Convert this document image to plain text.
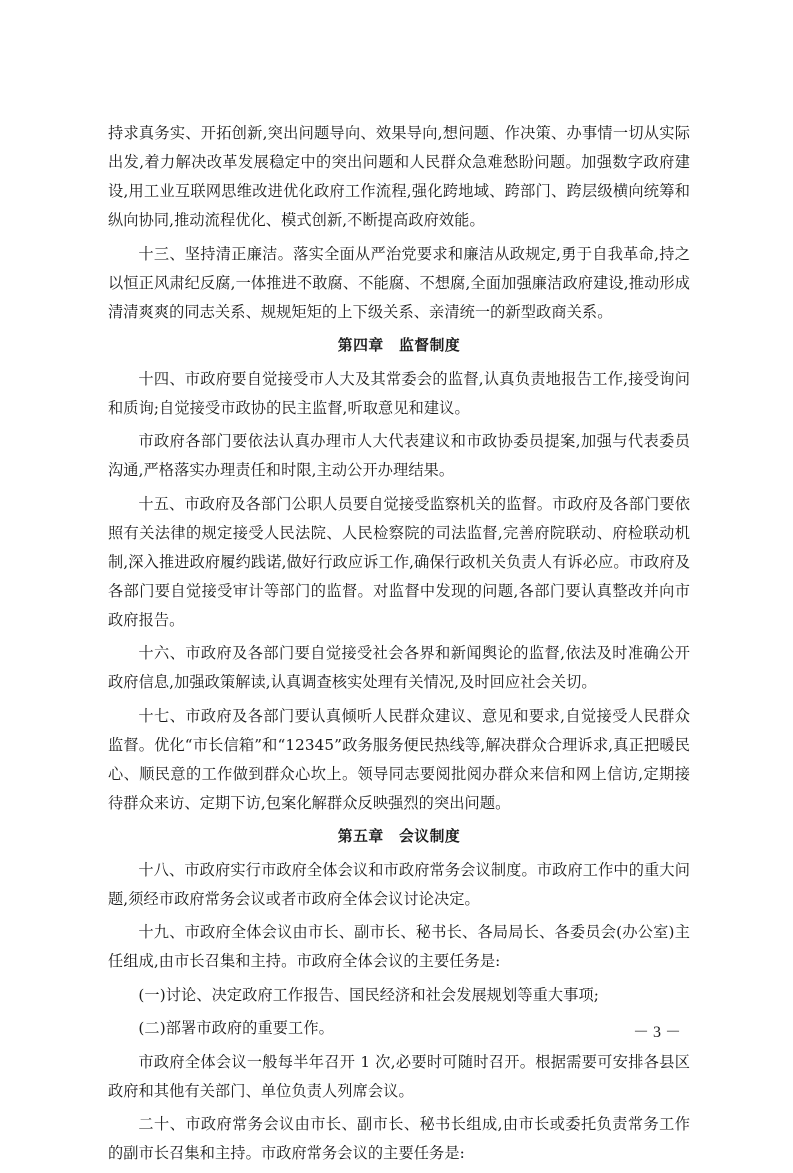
持求真务实、开拓创新,突出问题导向、效果导向,想问题、作决策、办事情一切从实际出发,着力解决改革发展稳定中的突出问题和人民群众急难愁盼问题。加强数字政府建设,用工业互联网思维改进优化政府工作流程,强化跨地域、跨部门、跨层级横向统筹和纵向协同,推动流程优化、模式创新,不断提高政府效能。

十三、坚持清正廉洁。落实全面从严治党要求和廉洁从政规定,勇于自我革命,持之以恒正风肃纪反腐,一体推进不敢腐、不能腐、不想腐,全面加强廉洁政府建设,推动形成清清爽爽的同志关系、规规矩矩的上下级关系、亲清统一的新型政商关系。

第四章　监督制度

十四、市政府要自觉接受市人大及其常委会的监督,认真负责地报告工作,接受询问和质询;自觉接受市政协的民主监督,听取意见和建议。

市政府各部门要依法认真办理市人大代表建议和市政协委员提案,加强与代表委员沟通,严格落实办理责任和时限,主动公开办理结果。

十五、市政府及各部门公职人员要自觉接受监察机关的监督。市政府及各部门要依照有关法律的规定接受人民法院、人民检察院的司法监督,完善府院联动、府检联动机制,深入推进政府履约践诺,做好行政应诉工作,确保行政机关负责人有诉必应。市政府及各部门要自觉接受审计等部门的监督。对监督中发现的问题,各部门要认真整改并向市政府报告。

十六、市政府及各部门要自觉接受社会各界和新闻舆论的监督,依法及时准确公开政府信息,加强政策解读,认真调查核实处理有关情况,及时回应社会关切。

十七、市政府及各部门要认真倾听人民群众建议、意见和要求,自觉接受人民群众监督。优化“市长信箱”和“12345”政务服务便民热线等,解决群众合理诉求,真正把暖民心、顺民意的工作做到群众心坎上。领导同志要阅批阅办群众来信和网上信访,定期接待群众来访、定期下访,包案化解群众反映强烈的突出问题。

第五章　会议制度

十八、市政府实行市政府全体会议和市政府常务会议制度。市政府工作中的重大问题,须经市政府常务会议或者市政府全体会议讨论决定。

十九、市政府全体会议由市长、副市长、秘书长、各局局长、各委员会(办公室)主任组成,由市长召集和主持。市政府全体会议的主要任务是:

(一)讨论、决定政府工作报告、国民经济和社会发展规划等重大事项;

(二)部署市政府的重要工作。

市政府全体会议一般每半年召开 1 次,必要时可随时召开。根据需要可安排各县区政府和其他有关部门、单位负责人列席会议。

二十、市政府常务会议由市长、副市长、秘书长组成,由市长或委托负责常务工作的副市长召集和主持。市政府常务会议的主要任务是:

－ 3 －
